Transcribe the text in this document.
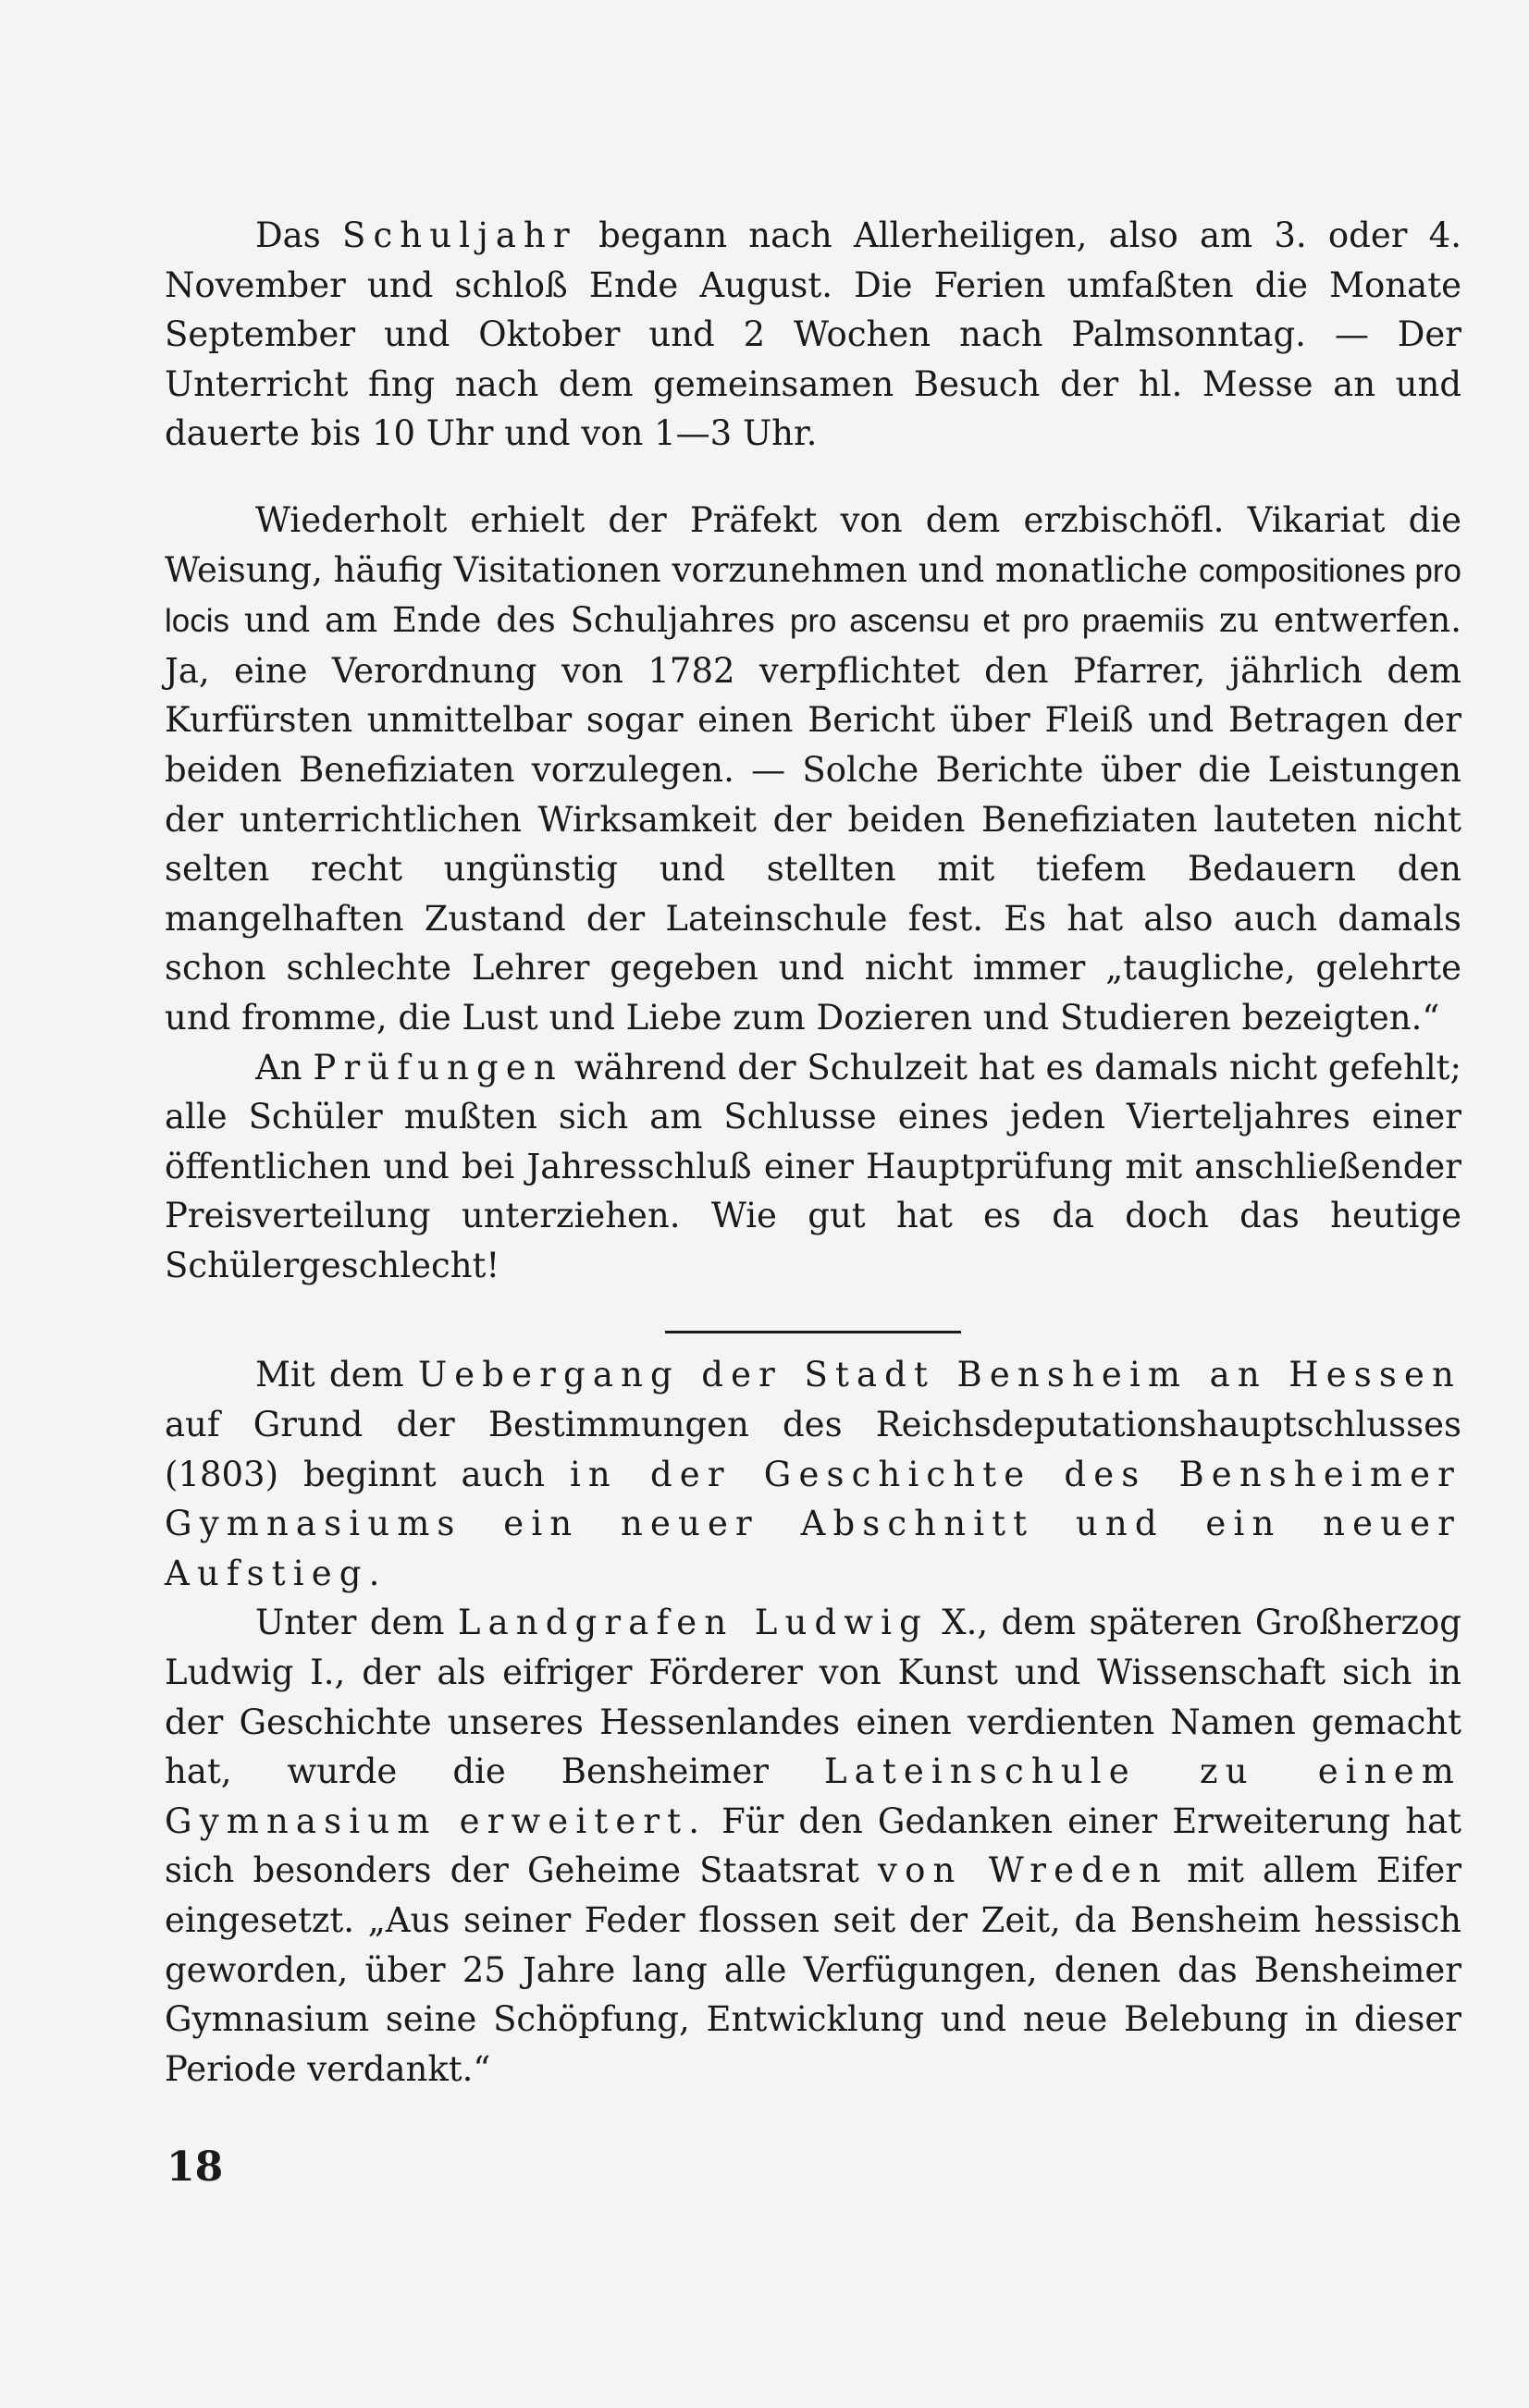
Das Schuljahr begann nach Allerheiligen, also am 3. oder 4. November und schloß Ende August. Die Ferien umfaßten die Monate September und Oktober und 2 Wochen nach Palmsonntag. — Der Unterricht fing nach dem gemeinsamen Besuch der hl. Messe an und dauerte bis 10 Uhr und von 1—3 Uhr.

Wiederholt erhielt der Präfekt von dem erzbischöfl. Vikariat die Weisung, häufig Visitationen vorzunehmen und monatliche compositiones pro locis und am Ende des Schuljahres pro ascensu et pro praemiis zu entwerfen. Ja, eine Verordnung von 1782 verpflichtet den Pfarrer, jährlich dem Kurfürsten unmittelbar sogar einen Bericht über Fleiß und Betragen der beiden Benefiziaten vorzulegen. — Solche Berichte über die Leistungen der unterrichtlichen Wirksamkeit der beiden Benefiziaten lauteten nicht selten recht ungünstig und stellten mit tiefem Bedauern den mangelhaften Zustand der Lateinschule fest. Es hat also auch damals schon schlechte Lehrer gegeben und nicht immer „taugliche, gelehrte und fromme, die Lust und Liebe zum Dozieren und Studieren bezeigten.“

An Prüfungen während der Schulzeit hat es damals nicht gefehlt; alle Schüler mußten sich am Schlusse eines jeden Vierteljahres einer öffentlichen und bei Jahresschluß einer Hauptprüfung mit anschließender Preisverteilung unterziehen. Wie gut hat es da doch das heutige Schülergeschlecht!

Mit dem Uebergang der Stadt Bensheim an Hessen auf Grund der Bestimmungen des Reichsdeputationshauptschlusses (1803) beginnt auch in der Geschichte des Bensheimer Gymnasiums ein neuer Abschnitt und ein neuer Aufstieg.

Unter dem Landgrafen Ludwig X., dem späteren Großherzog Ludwig I., der als eifriger Förderer von Kunst und Wissenschaft sich in der Geschichte unseres Hessenlandes einen verdienten Namen gemacht hat, wurde die Bensheimer Lateinschule zu einem Gymnasium erweitert. Für den Gedanken einer Erweiterung hat sich besonders der Geheime Staatsrat von Wreden mit allem Eifer eingesetzt. „Aus seiner Feder flossen seit der Zeit, da Bensheim hessisch geworden, über 25 Jahre lang alle Verfügungen, denen das Bensheimer Gymnasium seine Schöpfung, Entwicklung und neue Belebung in dieser Periode verdankt.“

18
